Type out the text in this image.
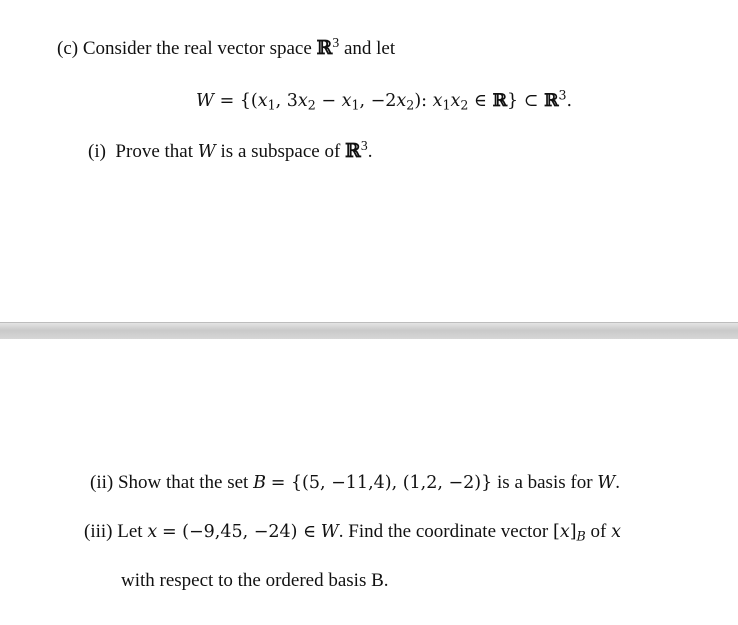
(c) Consider the real vector space ℝ$^3$ and let
$W = \{(x_1$, $3x_2 - x_1$, $-2x_2$): $x_1x_2$ ∈ ℝ} ⊂ ℝ$^3$.
(i)  Prove that W is a subspace of ℝ$^3$.
(ii) Show that the set B = {(5, −11,4), (1,2, −2)} is a basis for W.
(iii) Let x = (−9,45, −24) ∈ W. Find the coordinate vector $[x]_B$ of x
with respect to the ordered basis B.
